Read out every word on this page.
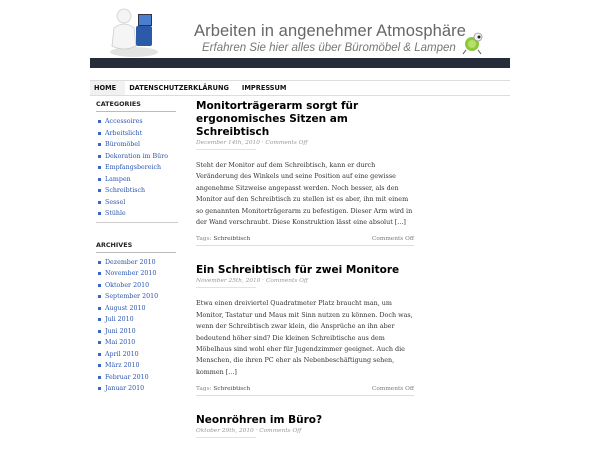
Arbeiten in angenehmer Atmosphäre
Erfahren Sie hier alles über Büromöbel & Lampen
HOME	DATENSCHUTZERKLÄRUNG	IMPRESSUM
CATEGORIES
Accessoires
Arbeitslicht
Büromöbel
Dekoration im Büro
Empfangsbereich
Lampen
Schreibtisch
Sessel
Stühle
ARCHIVES
Dezember 2010
November 2010
Oktober 2010
September 2010
August 2010
Juli 2010
Juni 2010
Mai 2010
April 2010
März 2010
Februar 2010
Januar 2010
Monitorträgerarm sorgt für ergonomisches Sitzen am Schreibtisch
December 14th, 2010 · Comments Off
Steht der Monitor auf dem Schreibtisch, kann er durch Veränderung des Winkels und seine Position auf eine gewisse angenehme Sitzweise angepasst werden. Noch besser, als den Monitor auf den Schreibtisch zu stellen ist es aber, ihn mit einem so genannten Monitorträgerarm zu befestigen. Dieser Arm wird in der Wand verschraubt. Diese Konstruktion lässt eine absolut [...]
Tags: Schreibtisch	Comments Off
Ein Schreibtisch für zwei Monitore
November 25th, 2010 · Comments Off
Etwa einen dreiviertel Quadratmeter Platz braucht man, um Monitor, Tastatur und Maus mit Sinn nutzen zu können. Doch was, wenn der Schreibtisch zwar klein, die Ansprüche an ihn aber bedeutend höher sind? Die kleinen Schreibtische aus dem Möbelhaus sind wohl eher für Jugendzimmer geeignet. Auch die Menschen, die ihren PC eher als Nebenbeschäftigung sehen, kommen [...]
Tags: Schreibtisch	Comments Off
Neonröhren im Büro?
Oktober 29th, 2010 · Comments Off
